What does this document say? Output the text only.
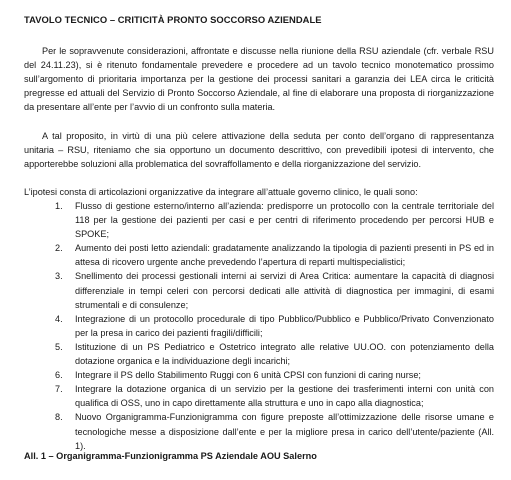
TAVOLO TECNICO – CRITICITÀ PRONTO SOCCORSO AZIENDALE

Per le sopravvenute considerazioni, affrontate e discusse nella riunione della RSU aziendale (cfr. verbale RSU del 24.11.23), si è ritenuto fondamentale prevedere e procedere ad un tavolo tecnico monotematico prossimo sull’argomento di prioritaria importanza per la gestione dei processi sanitari a garanzia dei LEA circa le criticità pregresse ed attuali del Servizio di Pronto Soccorso Aziendale, al fine di elaborare una proposta di riorganizzazione da presentare all’ente per l’avvio di un confronto sulla materia.

A tal proposito, in virtù di una più celere attivazione della seduta per conto dell’organo di rappresentanza unitaria – RSU, riteniamo che sia opportuno un documento descrittivo, con prevedibili ipotesi di intervento, che apporterebbe soluzioni alla problematica del sovraffollamento e della riorganizzazione del servizio.

L’ipotesi consta di articolazioni organizzative da integrare all’attuale governo clinico, le quali sono:

1. Flusso di gestione esterno/interno all’azienda: predisporre un protocollo con la centrale territoriale del 118 per la gestione dei pazienti per casi e per centri di riferimento procedendo per percorsi HUB e SPOKE;
2. Aumento dei posti letto aziendali: gradatamente analizzando la tipologia di pazienti presenti in PS ed in attesa di ricovero urgente anche prevedendo l’apertura di reparti multispecialistici;
3. Snellimento dei processi gestionali interni ai servizi di Area Critica: aumentare la capacità di diagnosi differenziale in tempi celeri con percorsi dedicati alle attività di diagnostica per immagini, di esami strumentali e di consulenze;
4. Integrazione di un protocollo procedurale di tipo Pubblico/Pubblico e Pubblico/Privato Convenzionato per la presa in carico dei pazienti fragili/difficili;
5. Istituzione di un PS Pediatrico e Ostetrico integrato alle relative UU.OO. con potenziamento della dotazione organica e la individuazione degli incarichi;
6. Integrare il PS dello Stabilimento Ruggi con 6 unità CPSI con funzioni di caring nurse;
7. Integrare la dotazione organica di un servizio per la gestione dei trasferimenti interni con unità con qualifica di OSS, uno in capo direttamente alla struttura e uno in capo alla diagnostica;
8. Nuovo Organigramma-Funzionigramma con figure preposte all’ottimizzazione delle risorse umane e tecnologiche messe a disposizione dall’ente e per la migliore presa in carico dell’utente/paziente (All. 1).
All. 1 – Organigramma-Funzionigramma PS Aziendale AOU Salerno
